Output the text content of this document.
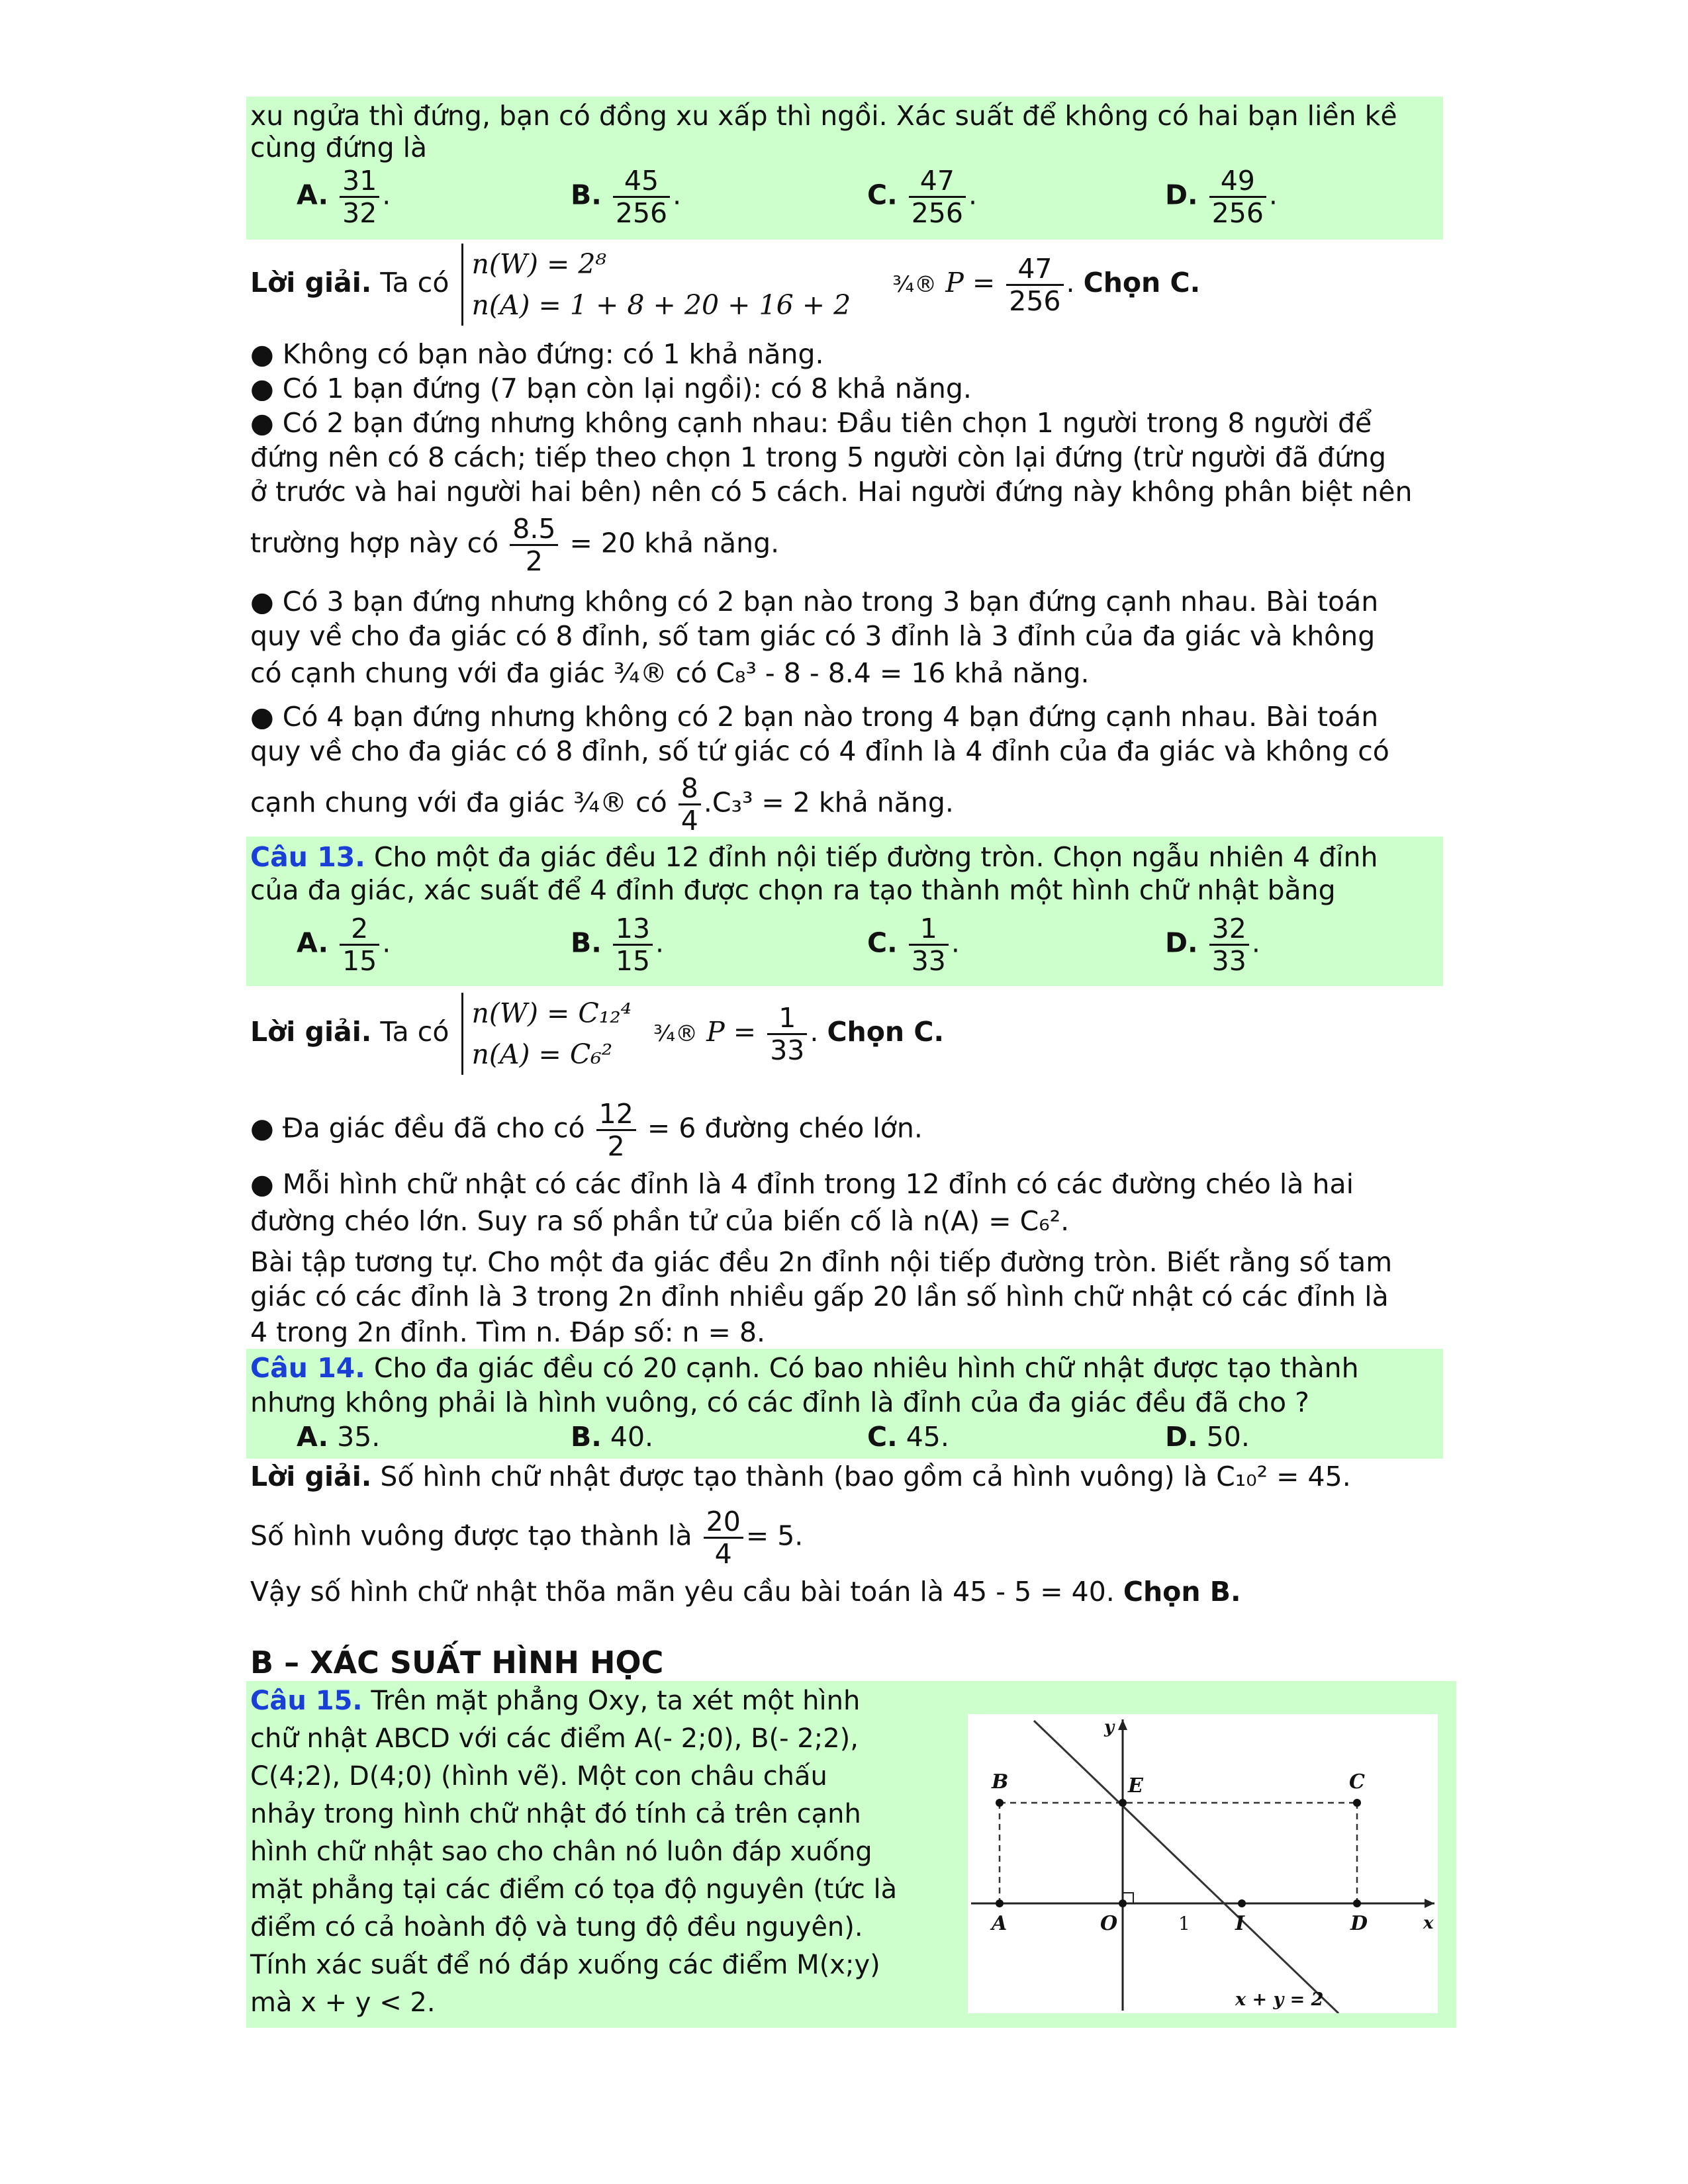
xu ngửa thì đứng, bạn có đồng xu xấp thì ngồi. Xác suất để không có hai bạn liền kề
cùng đứng là
A. $\frac{31}{32}$ .	B. $\frac{45}{256}$ .	C. $\frac{47}{256}$ .	D. $\frac{49}{256}$ .
Lời giải. Ta có
n(W) = 2⁸
n(A) = 1 + 8 + 20 + 16 + 2
¾® $P = \frac{47}{256}$ . Chọn C.
● Không có bạn nào đứng: có 1 khả năng.
● Có 1 bạn đứng (7 bạn còn lại ngồi): có 8 khả năng.
● Có 2 bạn đứng nhưng không cạnh nhau: Đầu tiên chọn 1 người trong 8 người để
đứng nên có 8 cách; tiếp theo chọn 1 trong 5 người còn lại đứng (trừ người đã đứng
ở trước và hai người hai bên) nên có 5 cách. Hai người đứng này không phân biệt nên
trường hợp này có $\frac{8.5}{2} = 20$ khả năng.
● Có 3 bạn đứng nhưng không có 2 bạn nào trong 3 bạn đứng cạnh nhau. Bài toán
quy về cho đa giác có 8 đỉnh, số tam giác có 3 đỉnh là 3 đỉnh của đa giác và không
có cạnh chung với đa giác ¾® có C₈³ - 8 - 8.4 = 16 khả năng.
● Có 4 bạn đứng nhưng không có 2 bạn nào trong 4 bạn đứng cạnh nhau. Bài toán
quy về cho đa giác có 8 đỉnh, số tứ giác có 4 đỉnh là 4 đỉnh của đa giác và không có
cạnh chung với đa giác ¾® có $\frac{8}{4} .C_3^3 = 2$ khả năng.
Câu 13. Cho một đa giác đều 12 đỉnh nội tiếp đường tròn. Chọn ngẫu nhiên 4 đỉnh
của đa giác, xác suất để 4 đỉnh được chọn ra tạo thành một hình chữ nhật bằng
A. $\frac{2}{15}$ .	B. $\frac{13}{15}$ .	C. $\frac{1}{33}$ .	D. $\frac{32}{33}$ .
Lời giải. Ta có
n(W) = C₁₂⁴
n(A) = C₆²
¾® $P = \frac{1}{33}$ . Chọn C.
● Đa giác đều đã cho có $\frac{12}{2} = 6$ đường chéo lớn.
● Mỗi hình chữ nhật có các đỉnh là 4 đỉnh trong 12 đỉnh có các đường chéo là hai
đường chéo lớn. Suy ra số phần tử của biến cố là n(A) = C₆².
Bài tập tương tự. Cho một đa giác đều 2n đỉnh nội tiếp đường tròn. Biết rằng số tam
giác có các đỉnh là 3 trong 2n đỉnh nhiều gấp 20 lần số hình chữ nhật có các đỉnh là
4 trong 2n đỉnh. Tìm n. Đáp số: n = 8.
Câu 14. Cho đa giác đều có 20 cạnh. Có bao nhiêu hình chữ nhật được tạo thành
nhưng không phải là hình vuông, có các đỉnh là đỉnh của đa giác đều đã cho ?
A. 35.	B. 40.	C. 45.	D. 50.
Lời giải. Số hình chữ nhật được tạo thành (bao gồm cả hình vuông) là C₁₀² = 45.
Số hình vuông được tạo thành là $\frac{20}{4} = 5$.
Vậy số hình chữ nhật thõa mãn yêu cầu bài toán là 45 - 5 = 40. Chọn B.
B – XÁC SUẤT HÌNH HỌC
Câu 15. Trên mặt phẳng Oxy, ta xét một hình
chữ nhật ABCD với các điểm A(- 2;0), B(- 2;2),
C(4;2), D(4;0) (hình vẽ). Một con châu chấu
nhảy trong hình chữ nhật đó tính cả trên cạnh
hình chữ nhật sao cho chân nó luôn đáp xuống
mặt phẳng tại các điểm có tọa độ nguyên (tức là
điểm có cả hoành độ và tung độ đều nguyên).
Tính xác suất để nó đáp xuống các điểm M(x;y)
mà x + y < 2.
B	C
A	D
E
O	I	x
y
1
x + y = 2
